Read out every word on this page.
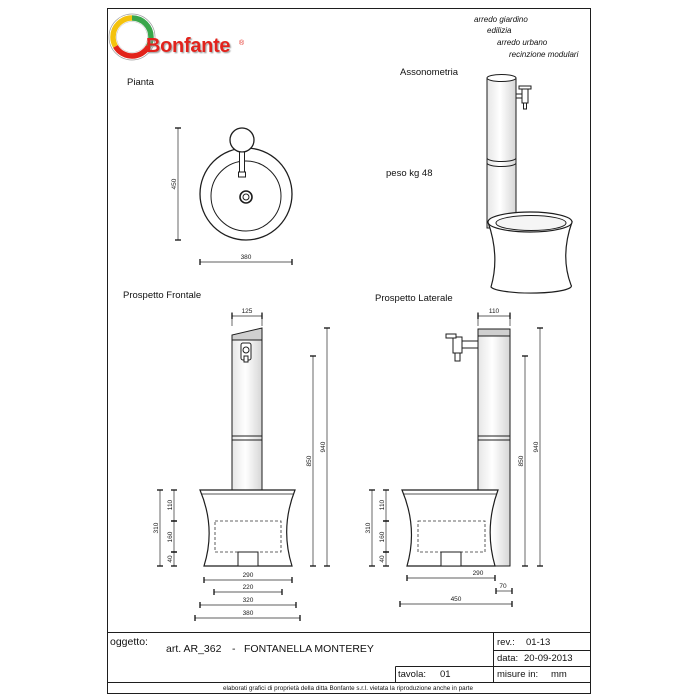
Bonfante ®
arredo giardino
edilizia
arredo urbano
recinzione modulari
Pianta
Assonometria
peso kg 48
Prospetto Frontale	Prospetto Laterale
450
380
125
940
850
310
110
160
40
290
220
320
380
110
940
850
310
110
160
40
290
70
450
oggetto:
art. AR_362 - FONTANELLA MONTEREY
rev.: 01-13
data: 20-09-2013
tavola: 01	misure in: mm
elaborati grafici di proprietà della ditta Bonfante s.r.l. vietata la riproduzione anche in parte
